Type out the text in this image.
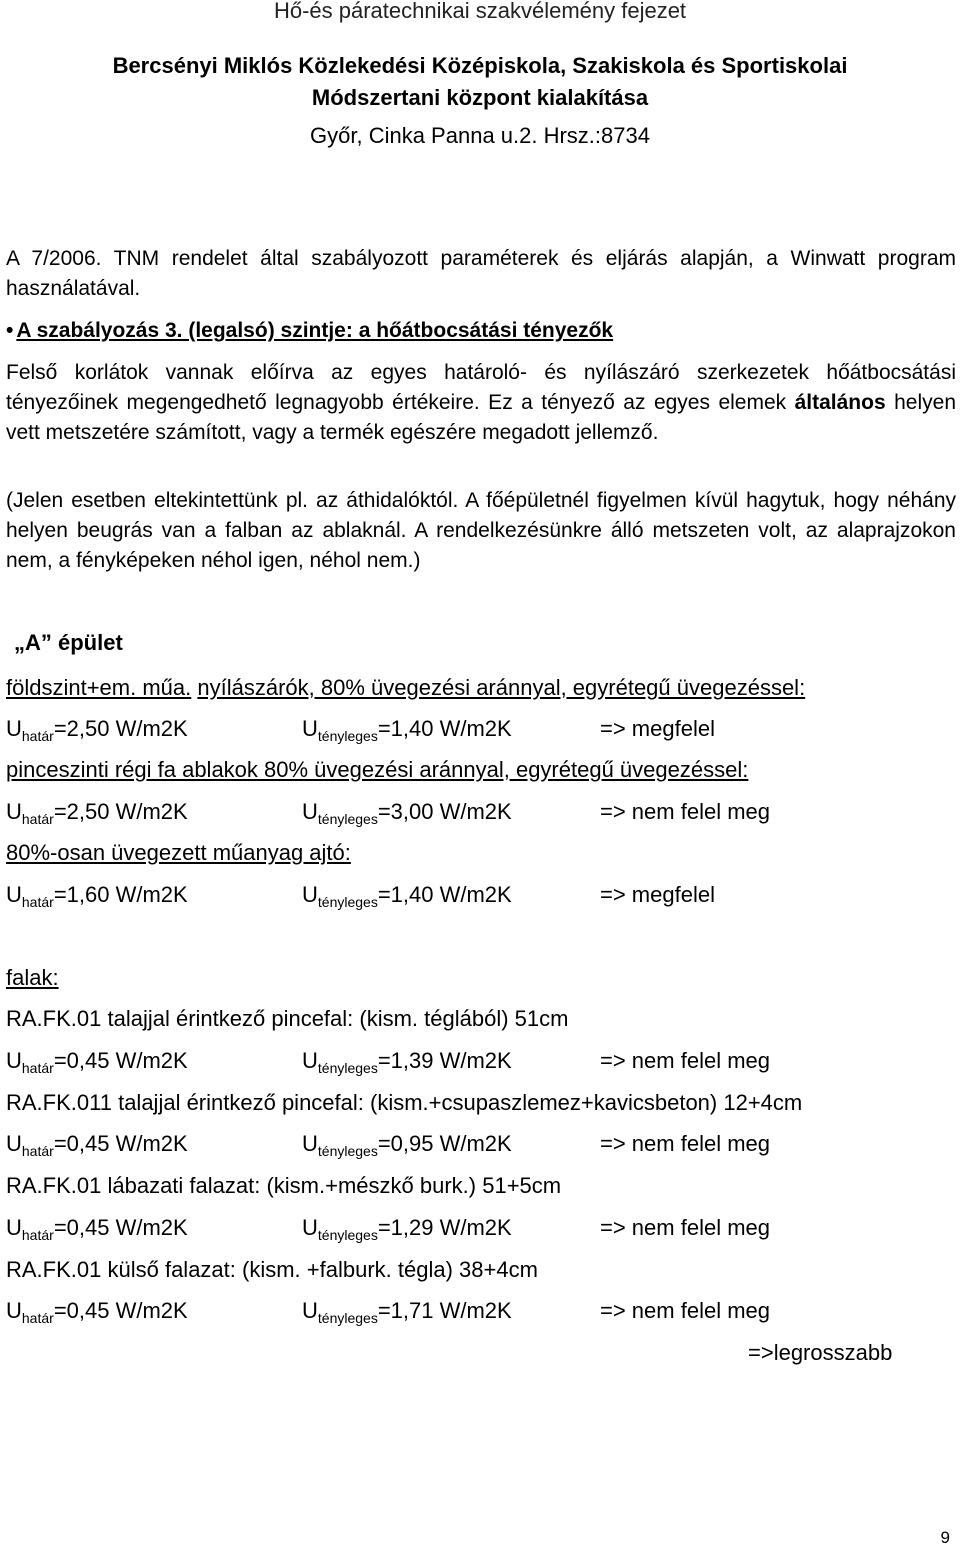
Hő-és páratechnikai szakvélemény fejezet
Bercsényi Miklós Közlekedési Középiskola, Szakiskola és Sportiskolai
Módszertani központ kialakítása
Győr, Cinka Panna u.2. Hrsz.:8734
A 7/2006. TNM rendelet által szabályozott paraméterek és eljárás alapján, a Winwatt program használatával.
• A szabályozás 3. (legalsó) szintje: a hőátbocsátási tényezők
Felső korlátok vannak előírva az egyes határoló- és nyílászáró szerkezetek hőátbocsátási tényezőinek megengedhető legnagyobb értékeire. Ez a tényező az egyes elemek általános helyen vett metszetére számított, vagy a termék egészére megadott jellemző.
(Jelen esetben eltekintettünk pl. az áthidalóktól. A főépületnél figyelmen kívül hagytuk, hogy néhány helyen beugrás van a falban az ablaknál. A rendelkezésünkre álló metszeten volt, az alaprajzokon nem, a fényképeken néhol igen, néhol nem.)
„A” épület
földszint+em. műa. nyílászárók, 80% üvegezési aránnyal, egyrétegű üvegezéssel:
$U_{határ}=2,50$ W/m2K	$U_{tényleges}=1,40$ W/m2K	=> megfelel
pinceszinti régi fa ablakok 80% üvegezési aránnyal, egyrétegű üvegezéssel:
$U_{határ}=2,50$ W/m2K	$U_{tényleges}=3,00$ W/m2K	=> nem felel meg
80%-osan üvegezett műanyag ajtó:
$U_{határ}=1,60$ W/m2K	$U_{tényleges}=1,40$ W/m2K	=> megfelel
falak:
RA.FK.01 talajjal érintkező pincefal: (kism. téglából) 51cm
$U_{határ}=0,45$ W/m2K	$U_{tényleges}=1,39$ W/m2K	=> nem felel meg
RA.FK.011 talajjal érintkező pincefal: (kism.+csupaszlemez+kavicsbeton) 12+4cm
$U_{határ}=0,45$ W/m2K	$U_{tényleges}=0,95$ W/m2K	=> nem felel meg
RA.FK.01 lábazati falazat: (kism.+mészkő burk.) 51+5cm
$U_{határ}=0,45$ W/m2K	$U_{tényleges}=1,29$ W/m2K	=> nem felel meg
RA.FK.01 külső falazat: (kism. +falburk. tégla) 38+4cm
$U_{határ}=0,45$ W/m2K	$U_{tényleges}=1,71$ W/m2K	=> nem felel meg
=>legrosszabb
9
